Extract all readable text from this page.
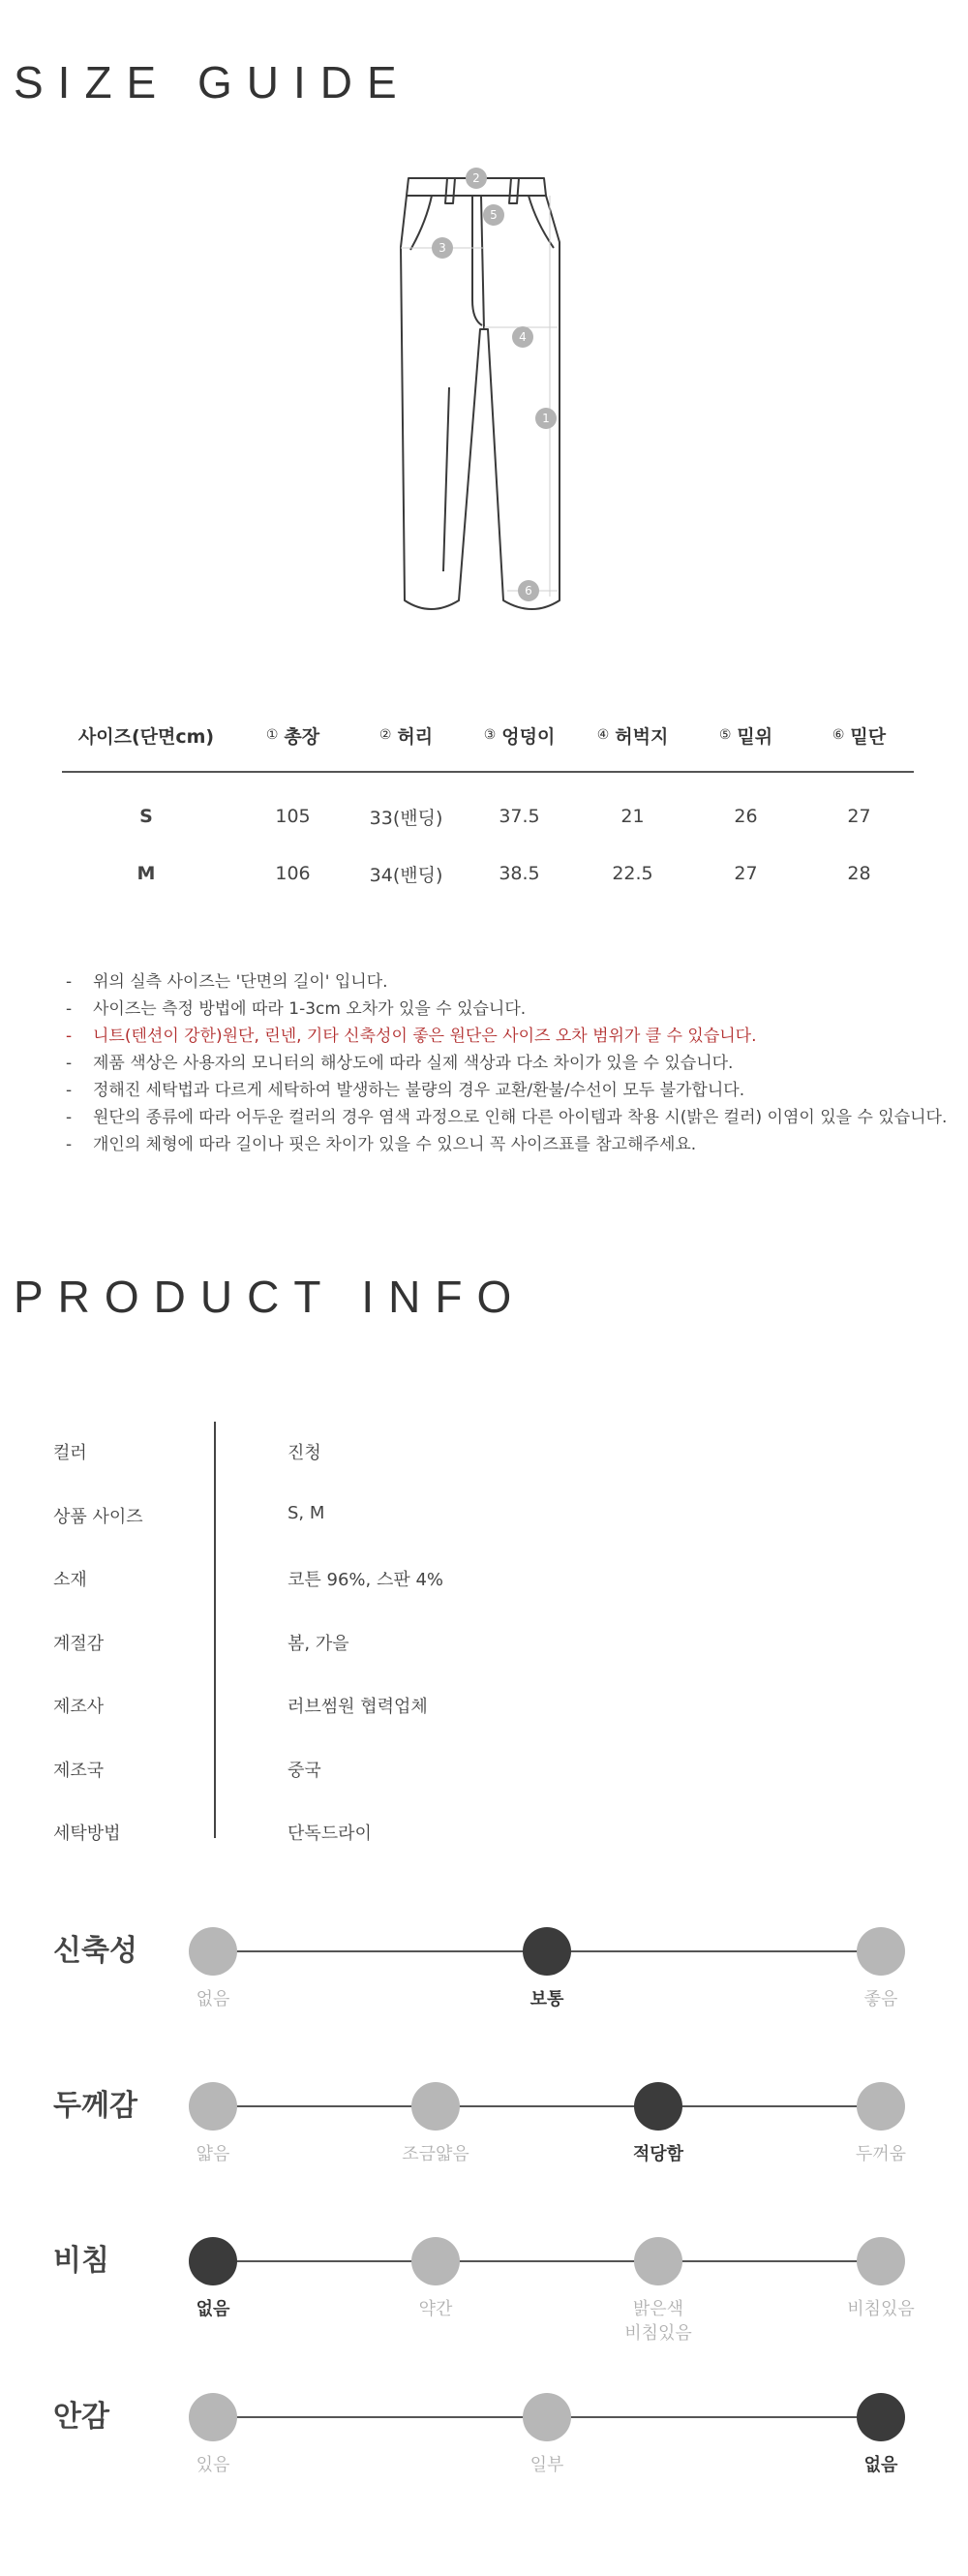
SIZE GUIDE
1
2
3
4
5
6
사이즈(단면cm)	① 총장	② 허리	③ 엉덩이	④ 허벅지	⑤ 밑위	⑥ 밑단
S	105	33(밴딩)	37.5	21	26	27
M	106	34(밴딩)	38.5	22.5	27	28
- 위의 실측 사이즈는 '단면의 길이' 입니다.
- 사이즈는 측정 방법에 따라 1-3cm 오차가 있을 수 있습니다.
- 니트(텐션이 강한)원단, 린넨, 기타 신축성이 좋은 원단은 사이즈 오차 범위가 클 수 있습니다.
- 제품 색상은 사용자의 모니터의 해상도에 따라 실제 색상과 다소 차이가 있을 수 있습니다.
- 정해진 세탁법과 다르게 세탁하여 발생하는 불량의 경우 교환/환불/수선이 모두 불가합니다.
- 원단의 종류에 따라 어두운 컬러의 경우 염색 과정으로 인해 다른 아이템과 착용 시(밝은 컬러) 이염이 있을 수 있습니다.
- 개인의 체형에 따라 길이나 핏은 차이가 있을 수 있으니 꼭 사이즈표를 참고해주세요.
PRODUCT INFO
컬러	진청
상품 사이즈	S, M
소재	코튼 96%, 스판 4%
계절감	봄, 가을
제조사	러브썸원 협력업체
제조국	중국
세탁방법	단독드라이
신축성
없음	보통	좋음
두께감
얇음	조금얇음	적당함	두꺼움
비침
없음	약간	밝은색
비침있음
비침있음
안감
있음	일부	없음
